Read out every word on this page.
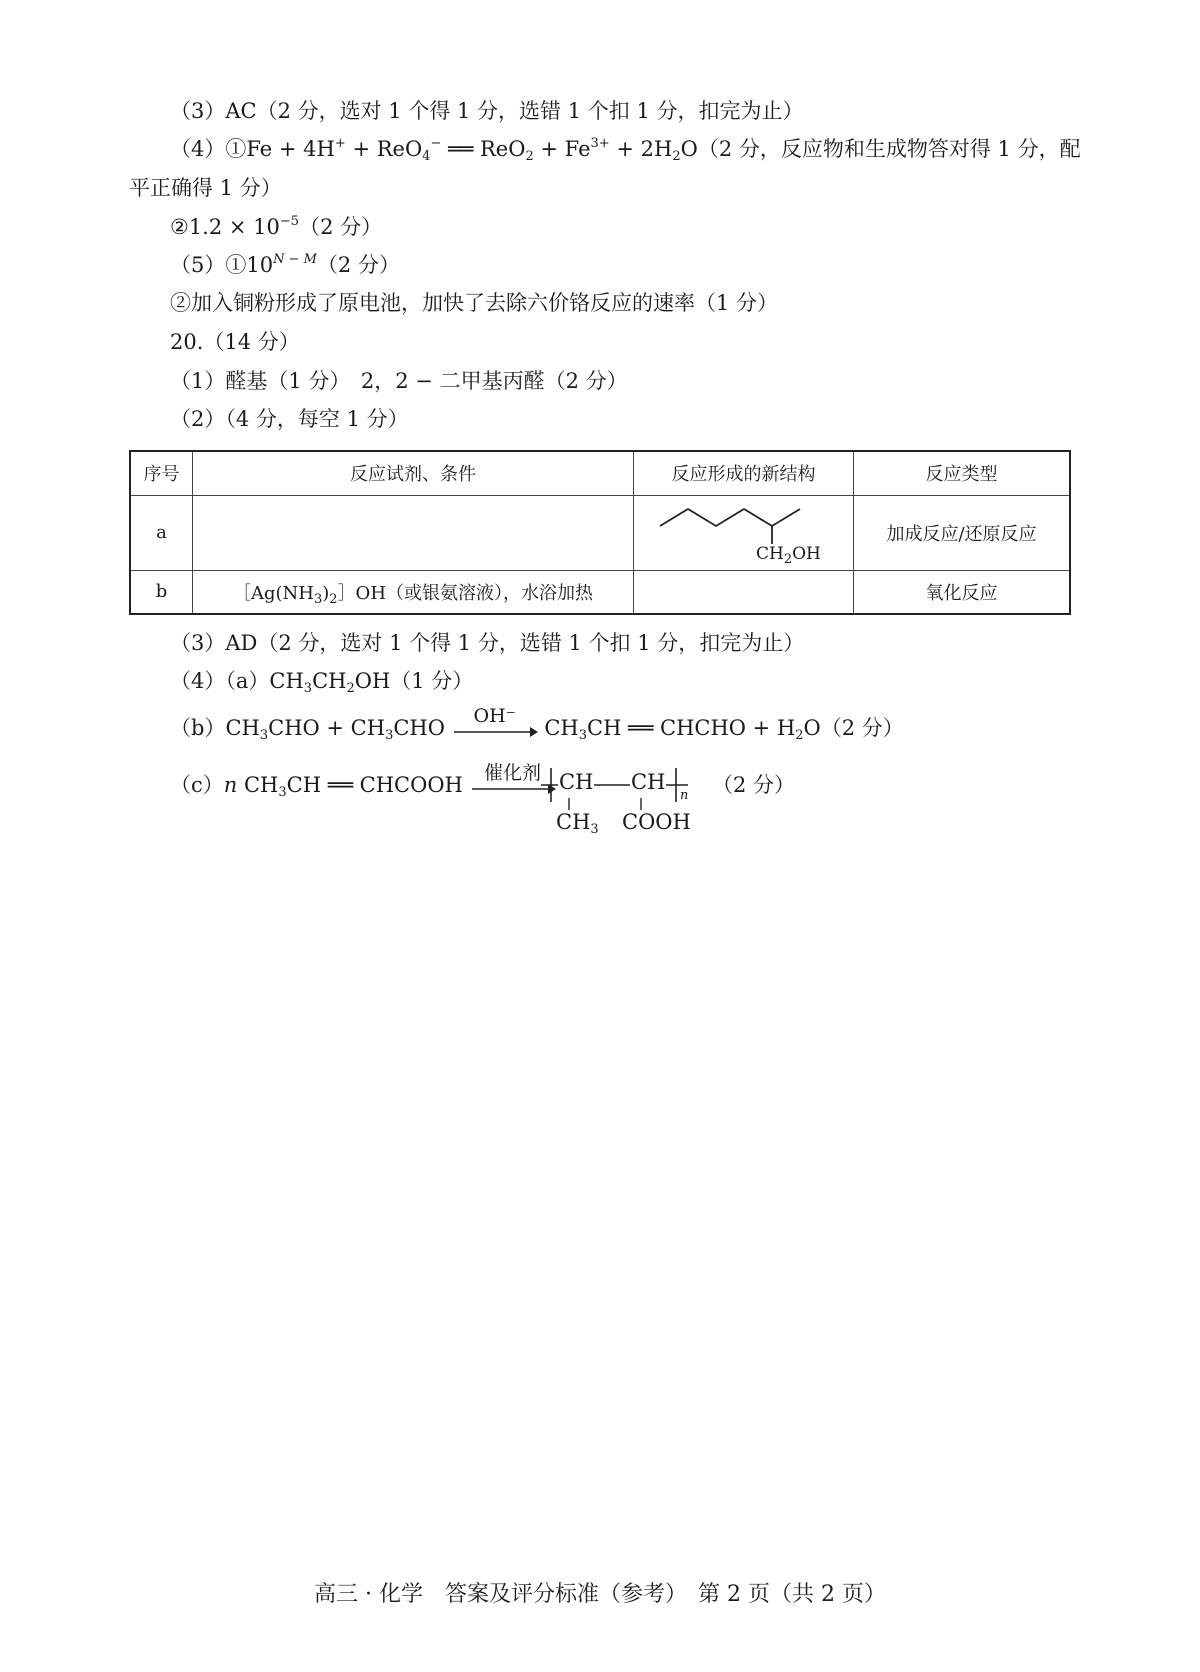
（3）AC（2 分，选对 1 个得 1 分，选错 1 个扣 1 分，扣完为止）
（4）①Fe + 4H+ + ReO$_4$− ══ $ReO_2 + Fe^{3+} + 2H_2O(2$ 分，反应物和生成物答对得 1 分，配
平正确得 1 分）
②1.2 × $10^{-5}(2$ 分）
$(5)①10^{N - M}(2$ 分）
②加入铜粉形成了原电池，加快了去除六价铬反应的速率（1 分）
20.（14 分）
（1）醛基（1 分）　2，2 − 二甲基丙醛（2 分）
（2）（4 分，每空 1 分）
序号	反应试剂、条件	反应形成的新结构	反应类型
a		$CH_2OH$	加成反应/还原反应
b	$[Ag(NH_3)_2]OH$（或银氨溶液），水浴加热		氧化反应
（3）AD（2 分，选对 1 个得 1 分，选错 1 个扣 1 分，扣完为止）
$(4)(a)CH_3CH_2OH(1$ 分）
$(b)CH_3CHO + CH_3CHO$	OH⁻	$CH_3CH$ ══ CHCHO + $H_2O(2$ 分）
（c）n $CH_3CH$ ══ CHCOOH	催化剂 CH CH
n
$CH_3$ COOH
（2 分）
高三 · 化学　答案及评分标准（参考）　第 2 页（共 2 页）
